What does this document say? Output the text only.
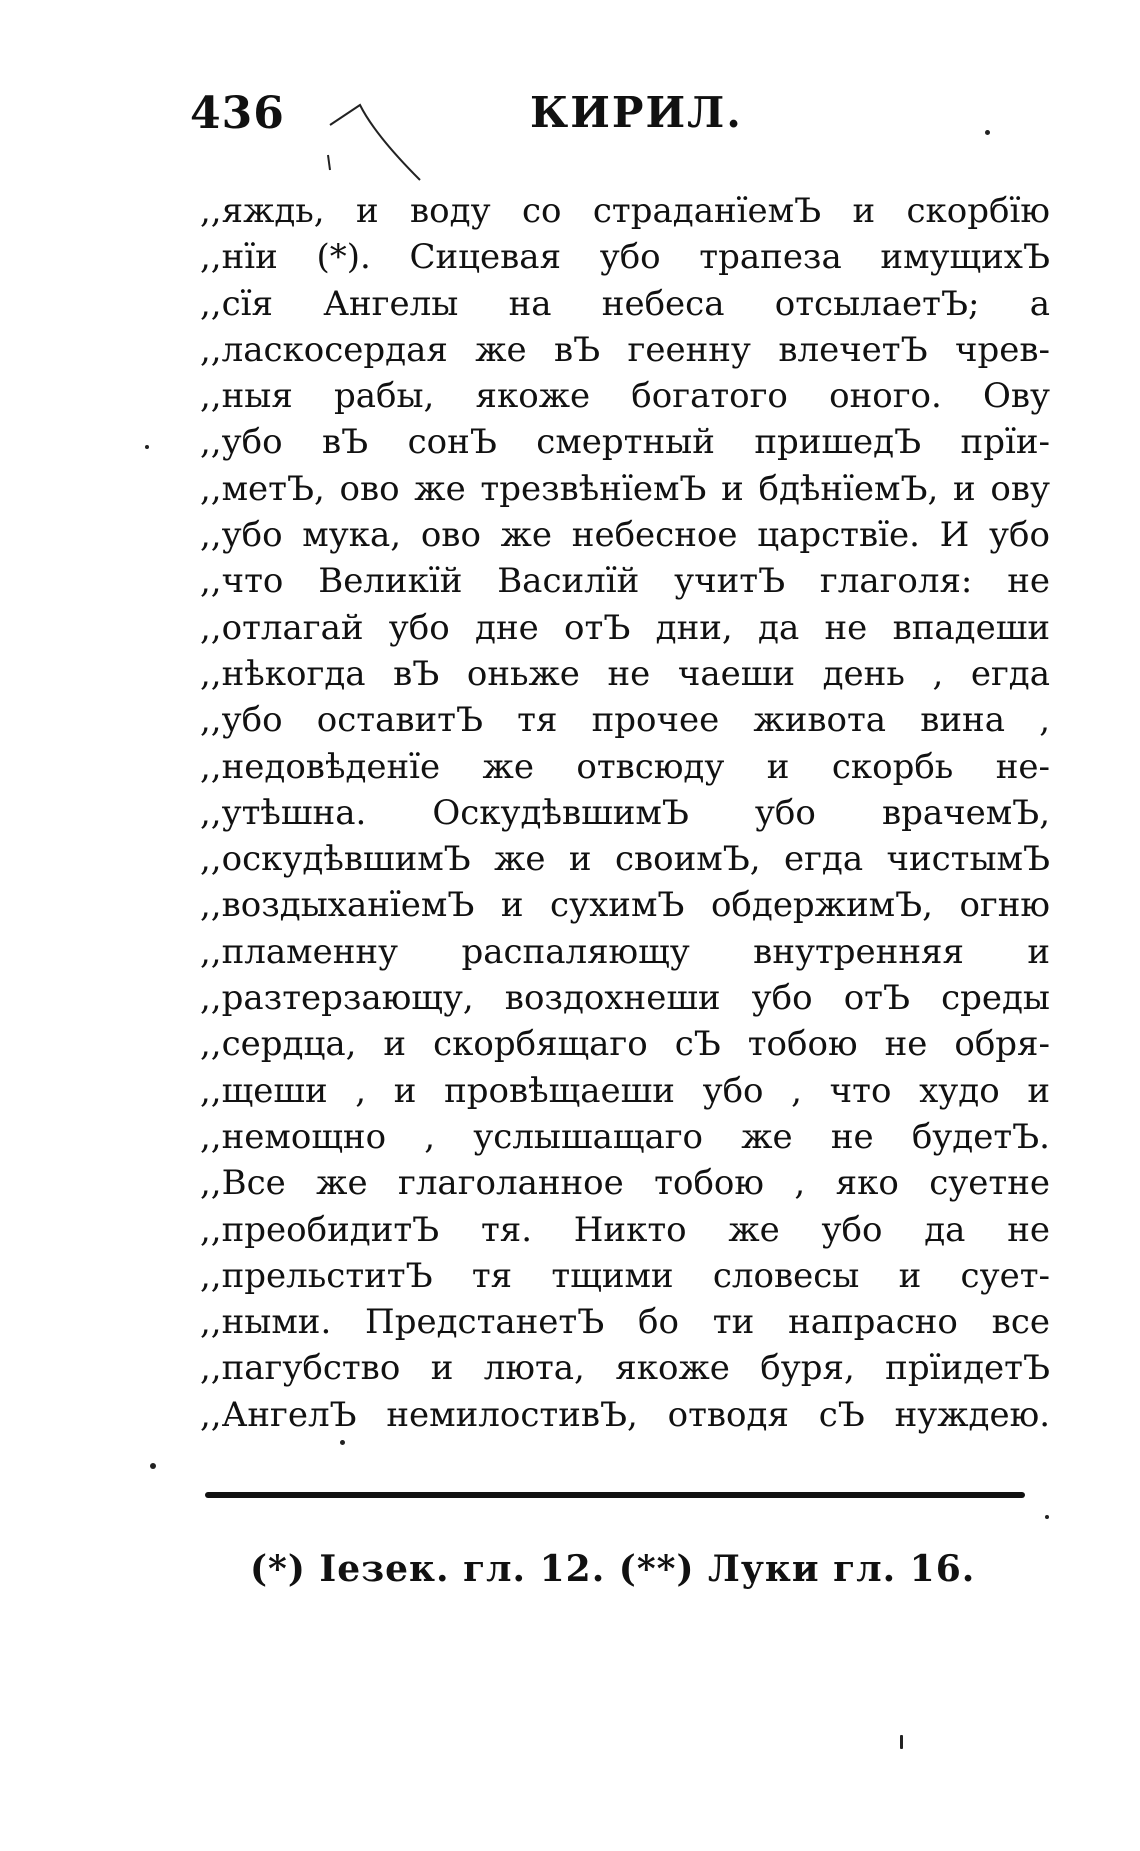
436	КИРИЛ.
,,яждь, и воду со страданïемЪ и скорбïю
,,нïи (*). Сицевая убо трапеза имущихЪ
,,сïя Ангелы на небеса отсылаетЪ; а
,,ласкосердая же вЪ геенну влечетЪ чрев-
,,ныя рабы, якоже богатого оного. Ову
,,убо вЪ сонЪ смертный пришедЪ прïи-
,,метЪ, ово же трезвѣнïемЪ и бдѣнïемЪ, и ову
,,убо мука, ово же небесное царствïе. И убо
,,что Великïй Василïй учитЪ глаголя: не
,,отлагай убо дне отЪ дни, да не впадеши
,,нѣкогда вЪ оньже не чаеши день , егда
,,убо оставитЪ тя прочее живота вина ,
,,недовѣденïе же отвсюду и скорбь не-
,,утѣшна. ОскудѣвшимЪ убо врачемЪ,
,,оскудѣвшимЪ же и своимЪ, егда чистымЪ
,,воздыханïемЪ и сухимЪ обдержимЪ, огню
,,пламенну распаляющу внутренняя и
,,разтерзающу, воздохнеши убо отЪ среды
,,сердца, и скорбящаго сЪ тобою не обря-
,,щеши , и провѣщаеши убо , что худо и
,,немощно , услышащаго же не будетЪ.
,,Все же глаголанное тобою , яко суетне
,,преобидитЪ тя. Никто же убо да не
,,прельститЪ тя тщими словесы и сует-
,,ными. ПредстанетЪ бо ти напрасно все
,,пагубство и люта, якоже буря, прïидетЪ
,,АнгелЪ немилостивЪ, отводя сЪ нуждею.
(*) Iезек. гл. 12. (**) Луки гл. 16.
